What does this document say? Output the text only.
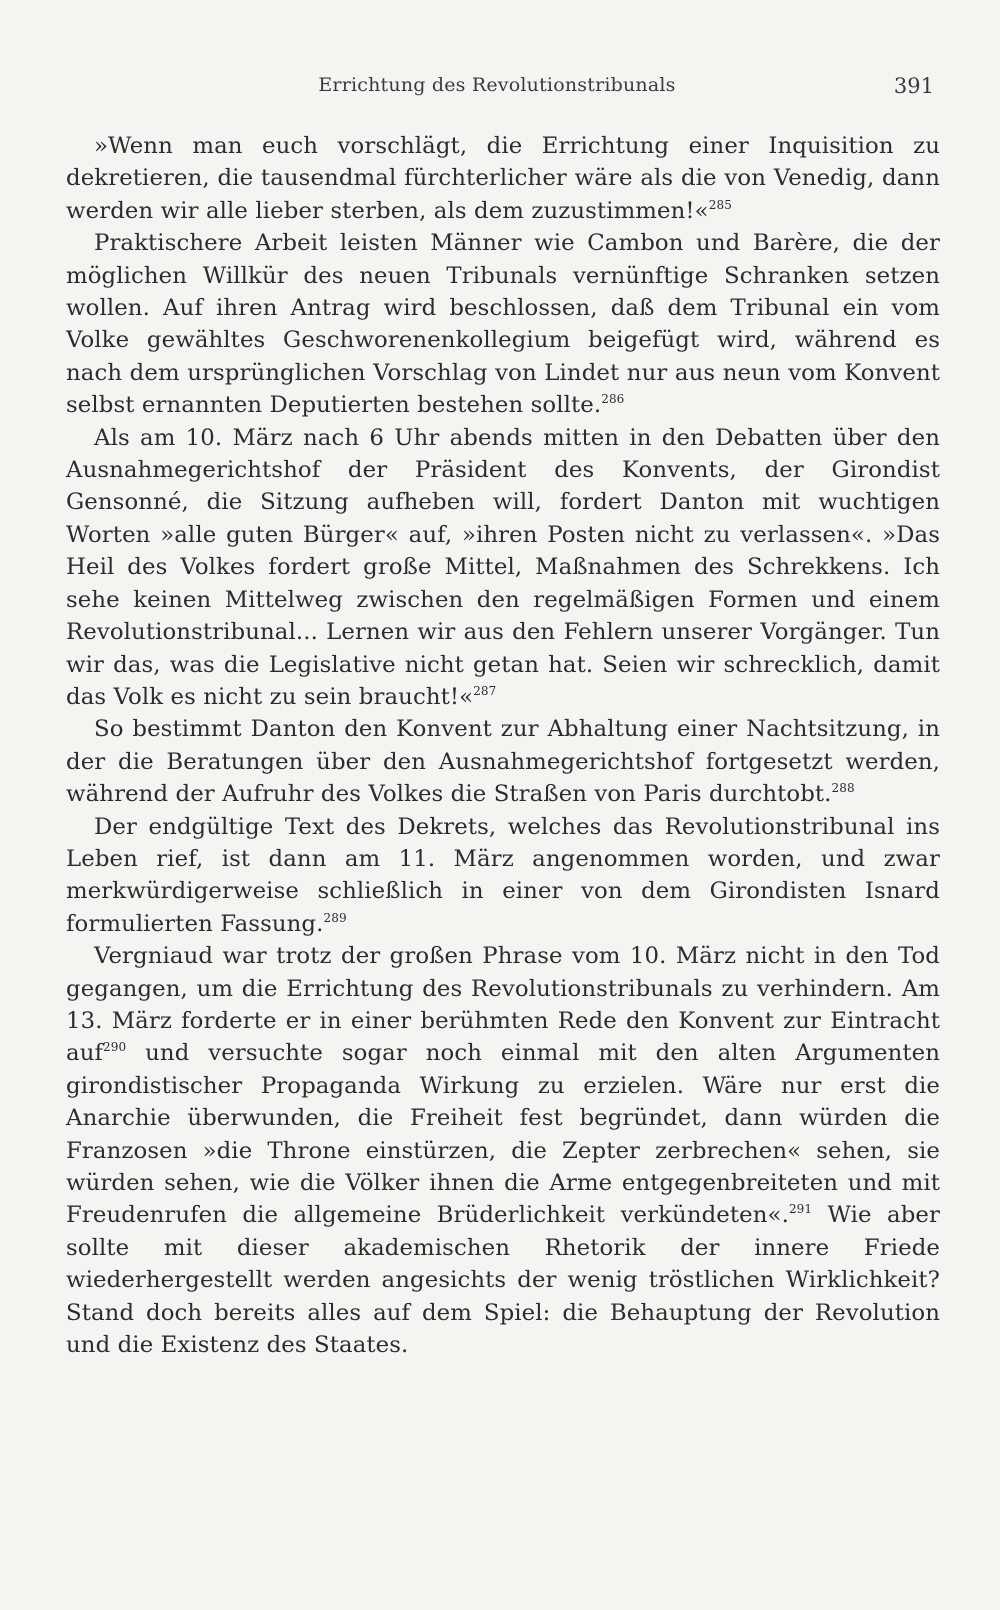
Errichtung des Revolutionstribunals	391

»Wenn man euch vorschlägt, die Errichtung einer Inquisition zu dekretieren, die tausendmal fürchterlicher wäre als die von Venedig, dann werden wir alle lieber sterben, als dem zuzustimmen!«$^{285}$

Praktischere Arbeit leisten Männer wie Cambon und Barère, die der möglichen Willkür des neuen Tribunals vernünftige Schranken setzen wollen. Auf ihren Antrag wird beschlossen, daß dem Tribunal ein vom Volke gewähltes Geschworenenkollegium beigefügt wird, während es nach dem ursprünglichen Vorschlag von Lindet nur aus neun vom Konvent selbst ernannten Deputierten bestehen sollte.$^{286}$

Als am 10. März nach 6 Uhr abends mitten in den Debatten über den Ausnahmegerichtshof der Präsident des Konvents, der Girondist Gensonné, die Sitzung aufheben will, fordert Danton mit wuchtigen Worten »alle guten Bürger« auf, »ihren Posten nicht zu verlassen«. »Das Heil des Volkes fordert große Mittel, Maßnahmen des Schrekkens. Ich sehe keinen Mittelweg zwischen den regelmäßigen Formen und einem Revolutionstribunal... Lernen wir aus den Fehlern unserer Vorgänger. Tun wir das, was die Legislative nicht getan hat. Seien wir schrecklich, damit das Volk es nicht zu sein braucht!«$^{287}$

So bestimmt Danton den Konvent zur Abhaltung einer Nachtsitzung, in der die Beratungen über den Ausnahmegerichtshof fortgesetzt werden, während der Aufruhr des Volkes die Straßen von Paris durchtobt.$^{288}$

Der endgültige Text des Dekrets, welches das Revolutionstribunal ins Leben rief, ist dann am 11. März angenommen worden, und zwar merkwürdigerweise schließlich in einer von dem Girondisten Isnard formulierten Fassung.$^{289}$

Vergniaud war trotz der großen Phrase vom 10. März nicht in den Tod gegangen, um die Errichtung des Revolutionstribunals zu verhindern. Am 13. März forderte er in einer berühmten Rede den Konvent zur Eintracht auf$^{290}$ und versuchte sogar noch einmal mit den alten Argumenten girondistischer Propaganda Wirkung zu erzielen. Wäre nur erst die Anarchie überwunden, die Freiheit fest begründet, dann würden die Franzosen »die Throne einstürzen, die Zepter zerbrechen« sehen, sie würden sehen, wie die Völker ihnen die Arme entgegenbreiteten und mit Freudenrufen die allgemeine Brüderlichkeit verkündeten«.$^{291}$ Wie aber sollte mit dieser akademischen Rhetorik der innere Friede wiederhergestellt werden angesichts der wenig tröstlichen Wirklichkeit? Stand doch bereits alles auf dem Spiel: die Behauptung der Revolution und die Existenz des Staates.
